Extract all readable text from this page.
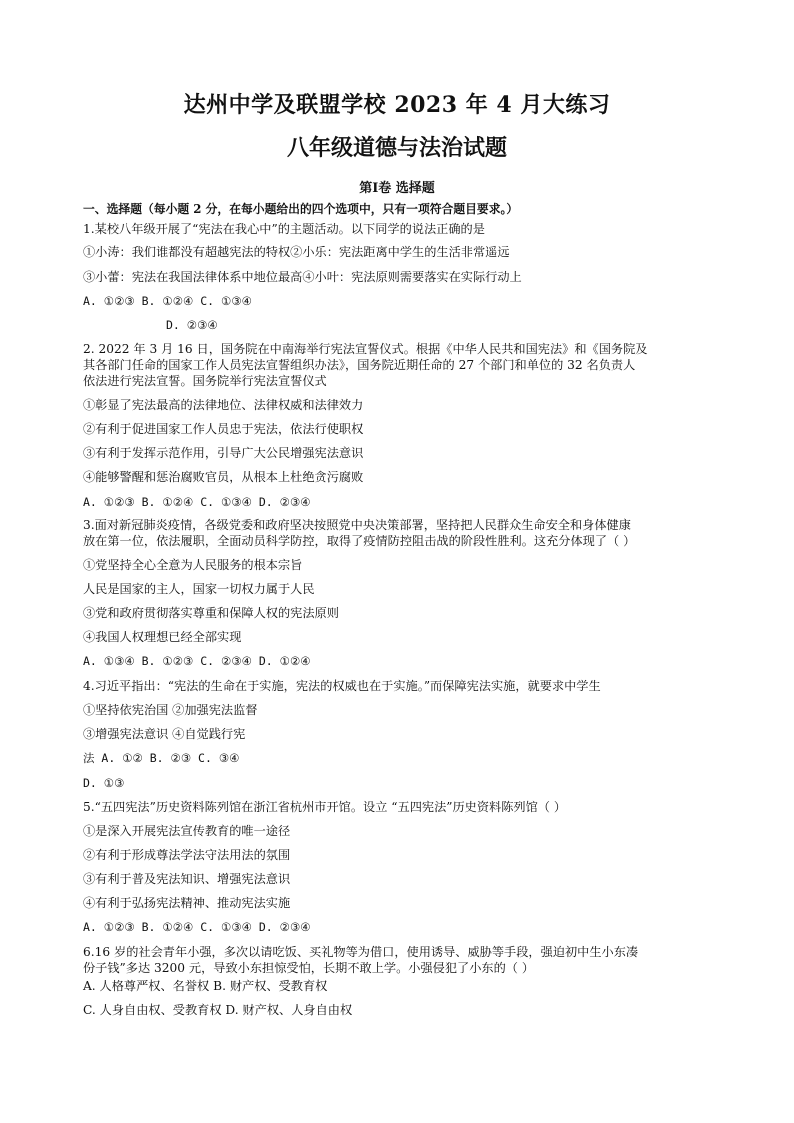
达州中学及联盟学校 2023 年 4 月大练习
八年级道德与法治试题
第Ⅰ卷 选择题
一、选择题（每小题 2 分，在每小题给出的四个选项中，只有一项符合题目要求。）
1.某校八年级开展了“宪法在我心中”的主题活动。以下同学的说法正确的是
①小涛：我们谁都没有超越宪法的特权②小乐：宪法距离中学生的生活非常遥远
③小蕾：宪法在我国法律体系中地位最高④小叶：宪法原则需要落实在实际行动上
A. ①②③ B. ①②④ C. ①③④
D. ②③④
2. 2022 年 3 月 16 日，国务院在中南海举行宪法宣誓仪式。根据《中华人民共和国宪法》和《国务院及
其各部门任命的国家工作人员宪法宣誓组织办法》，国务院近期任命的 27 个部门和单位的 32 名负责人
依法进行宪法宣誓。国务院举行宪法宣誓仪式
①彰显了宪法最高的法律地位、法律权威和法律效力
②有利于促进国家工作人员忠于宪法，依法行使职权
③有利于发挥示范作用，引导广大公民增强宪法意识
④能够警醒和惩治腐败官员，从根本上杜绝贪污腐败
A. ①②③ B. ①②④ C. ①③④ D. ②③④
3.面对新冠肺炎疫情，各级党委和政府坚决按照党中央决策部署，坚持把人民群众生命安全和身体健康
放在第一位，依法履职，全面动员科学防控，取得了疫情防控阻击战的阶段性胜利。这充分体现了（ ）
①党坚持全心全意为人民服务的根本宗旨
人民是国家的主人，国家一切权力属于人民
③党和政府贯彻落实尊重和保障人权的宪法原则
④我国人权理想已经全部实现
A. ①③④ B. ①②③ C. ②③④ D. ①②④
4.习近平指出：“宪法的生命在于实施，宪法的权威也在于实施。”而保障宪法实施，就要求中学生
①坚持依宪治国 ②加强宪法监督
③增强宪法意识 ④自觉践行宪
法 A. ①② B. ②③ C. ③④
D. ①③
5.“五四宪法”历史资料陈列馆在浙江省杭州市开馆。设立 “五四宪法”历史资料陈列馆（ ）
①是深入开展宪法宣传教育的唯一途径
②有利于形成尊法学法守法用法的氛围
③有利于普及宪法知识、增强宪法意识
④有利于弘扬宪法精神、推动宪法实施
A. ①②③ B. ①②④ C. ①③④ D. ②③④
6.16 岁的社会青年小强，多次以请吃饭、买礼物等为借口，使用诱导、威胁等手段，强迫初中生小东凑
份子钱”多达 3200 元，导致小东担惊受怕，长期不敢上学。小强侵犯了小东的（ ）
A. 人格尊严权、名誉权 B. 财产权、受教育权
C. 人身自由权、受教育权 D. 财产权、人身自由权
